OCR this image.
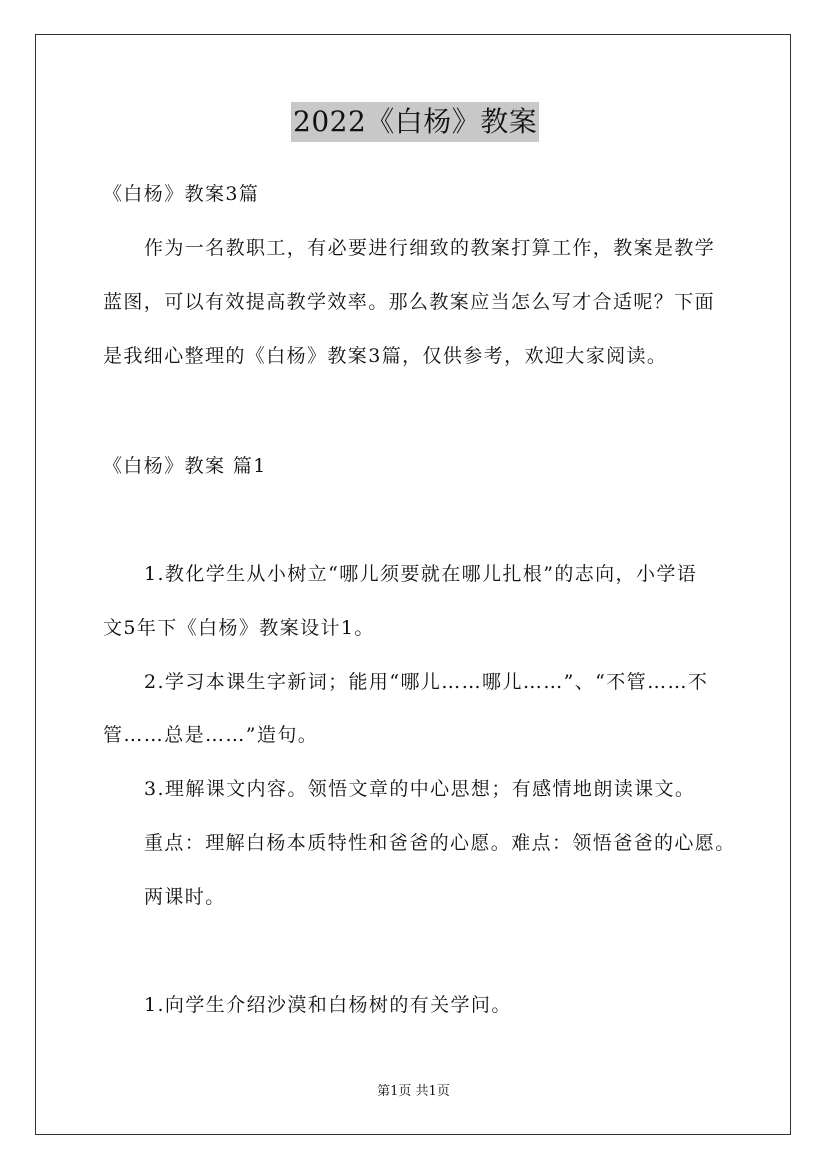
2022《白杨》教案
《白杨》教案3篇
作为一名教职工，有必要进行细致的教案打算工作，教案是教学
蓝图，可以有效提高教学效率。那么教案应当怎么写才合适呢？下面
是我细心整理的《白杨》教案3篇，仅供参考，欢迎大家阅读。
《白杨》教案 篇1
1.教化学生从小树立“哪儿须要就在哪儿扎根”的志向，小学语
文5年下《白杨》教案设计1。
2.学习本课生字新词；能用“哪儿……哪儿……”、“不管……不
管……总是……”造句。
3.理解课文内容。领悟文章的中心思想；有感情地朗读课文。
重点：理解白杨本质特性和爸爸的心愿。难点：领悟爸爸的心愿。
两课时。
1.向学生介绍沙漠和白杨树的有关学问。
第1页 共1页
